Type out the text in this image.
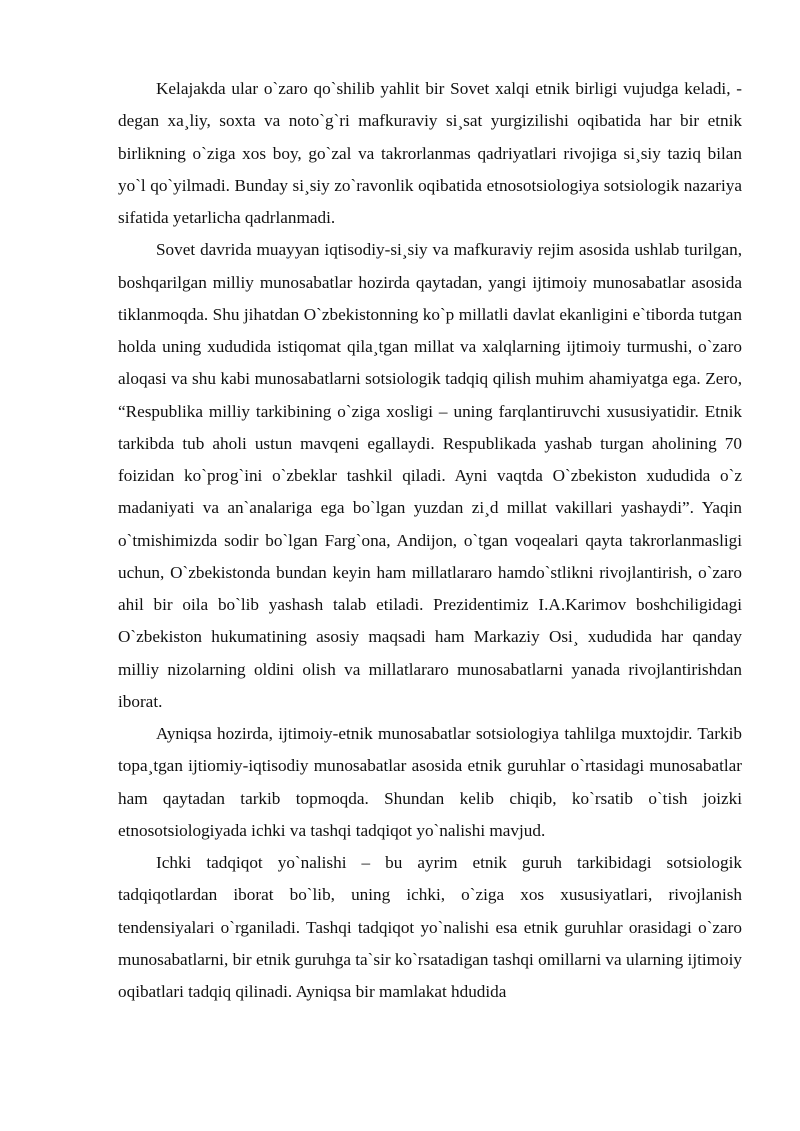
Kelajakda ular o`zaro qo`shilib yahlit bir Sovet xalqi etnik birligi vujudga keladi, - degan xa¸liy, soxta va noto`g`ri mafkuraviy si¸sat yurgizilishi oqibatida har bir etnik birlikning o`ziga xos boy, go`zal va takrorlanmas qadriyatlari rivojiga si¸siy taziq bilan yo`l qo`yilmadi. Bunday si¸siy zo`ravonlik oqibatida etnosotsiologiya sotsiologik nazariya sifatida yetarlicha qadrlanmadi.

Sovet davrida muayyan iqtisodiy-si¸siy va mafkuraviy rejim asosida ushlab turilgan, boshqarilgan milliy munosabatlar hozirda qaytadan, yangi ijtimoiy munosabatlar asosida tiklanmoqda. Shu jihatdan O`zbekistonning ko`p millatli davlat ekanligini e`tiborda tutgan holda uning xududida istiqomat qila¸tgan millat va xalqlarning ijtimoiy turmushi, o`zaro aloqasi va shu kabi munosabatlarni sotsiologik tadqiq qilish muhim ahamiyatga ega. Zero, “Respublika milliy tarkibining o`ziga xosligi – uning farqlantiruvchi xususiyatidir. Etnik tarkibda tub aholi ustun mavqeni egallaydi. Respublikada yashab turgan aholining 70 foizidan ko`prog`ini o`zbeklar tashkil qiladi. Ayni vaqtda O`zbekiston xududida o`z madaniyati va an`analariga ega bo`lgan yuzdan zi¸d millat vakillari yashaydi”. Yaqin o`tmishimizda sodir bo`lgan Farg`ona, Andijon, o`tgan voqealari qayta takrorlanmasligi uchun, O`zbekistonda bundan keyin ham millatlararo hamdo`stlikni rivojlantirish, o`zaro ahil bir oila bo`lib yashash talab etiladi. Prezidentimiz I.A.Karimov boshchiligidagi O`zbekiston hukumatining asosiy maqsadi ham Markaziy Osi¸ xududida har qanday milliy nizolarning oldini olish va millatlararo munosabatlarni yanada rivojlantirishdan iborat.

Ayniqsa hozirda, ijtimoiy-etnik munosabatlar sotsiologiya tahlilga muxtojdir. Tarkib topa¸tgan ijtiomiy-iqtisodiy munosabatlar asosida etnik guruhlar o`rtasidagi munosabatlar ham qaytadan tarkib topmoqda. Shundan kelib chiqib, ko`rsatib o`tish joizki etnosotsiologiyada ichki va tashqi tadqiqot yo`nalishi mavjud.

Ichki tadqiqot yo`nalishi – bu ayrim etnik guruh tarkibidagi sotsiologik tadqiqotlardan iborat bo`lib, uning ichki, o`ziga xos xususiyatlari, rivojlanish tendensiyalari o`rganiladi. Tashqi tadqiqot yo`nalishi esa etnik guruhlar orasidagi o`zaro munosabatlarni, bir etnik guruhga ta`sir ko`rsatadigan tashqi omillarni va ularning ijtimoiy oqibatlari tadqiq qilinadi. Ayniqsa bir mamlakat hdudida
